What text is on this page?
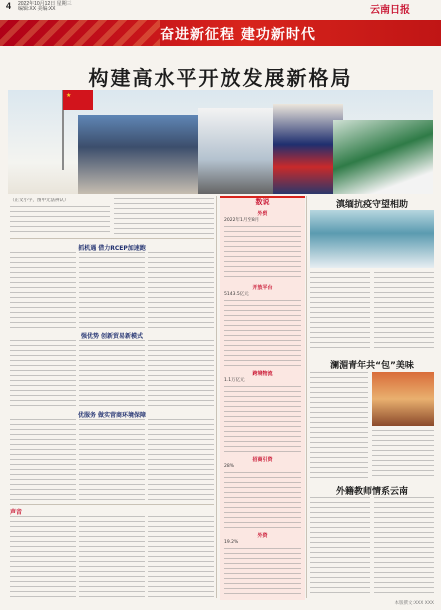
4 2022年10月12日 星期三
编辑:XX 美编:XX	云南日报
奋进新征程 建功新时代
构建高水平开放发展新格局
★
（正文小字，图中无法辨认）
抓机遇 借力RCEP加速跑
强优势 创新贸易新模式
优服务 做实营商环境保障
声音
数说
外贸
2022年1月至8月
开放平台
5143.5亿元
跨境物流
1.1万亿元
招商引资
28%
外资
19.2%
滇缅抗疫守望相助
澜湄青年共“包”美味
外籍教师情系云南
本版撰文:XXX XXX
